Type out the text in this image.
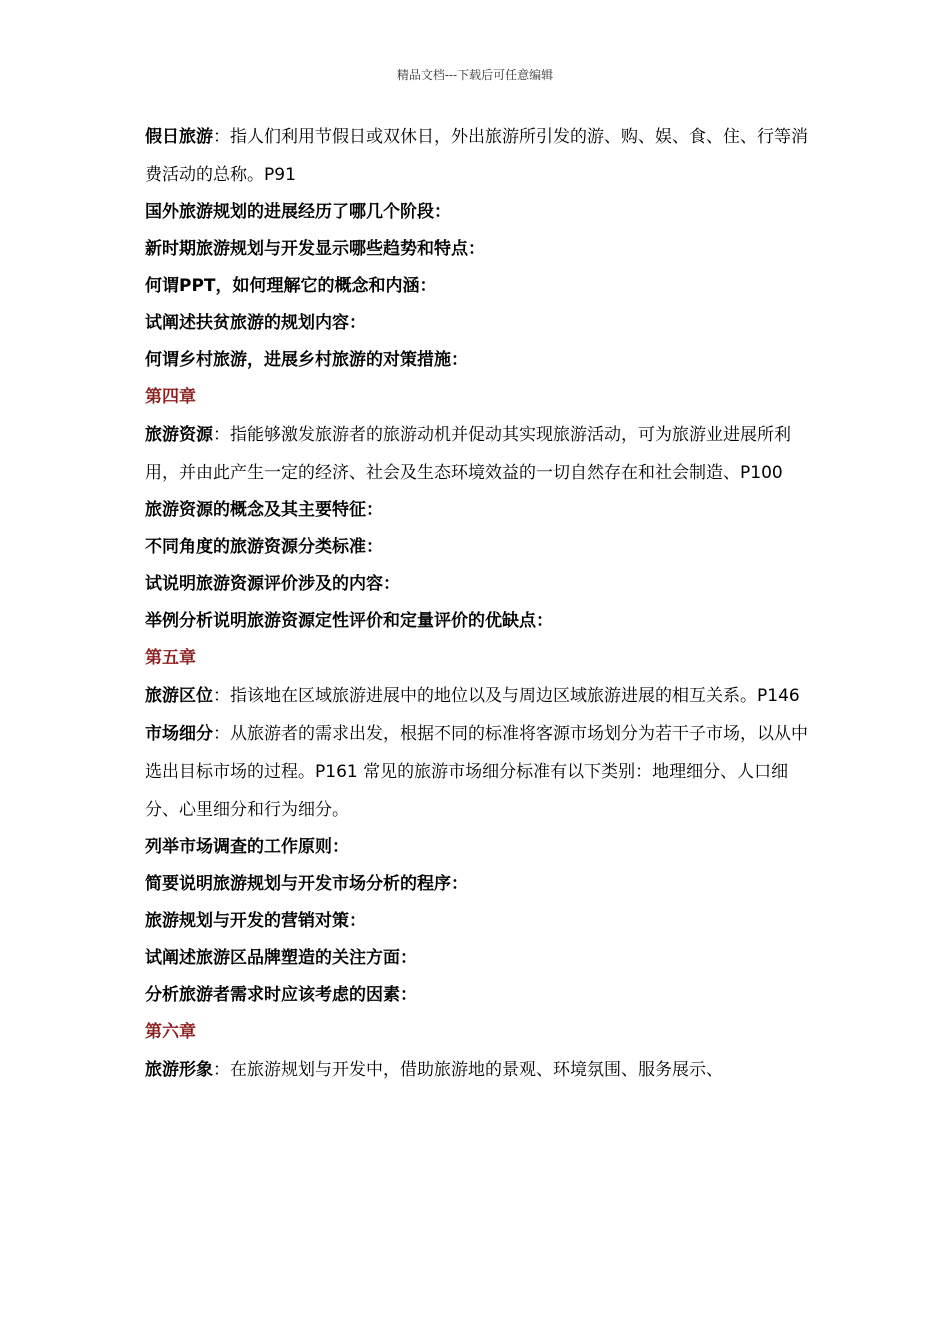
精品文档---下载后可任意编辑

假日旅游：指人们利用节假日或双休日，外出旅游所引发的游、购、娱、食、住、行等消费活动的总称。P91

国外旅游规划的进展经历了哪几个阶段：

新时期旅游规划与开发显示哪些趋势和特点：

何谓PPT，如何理解它的概念和内涵：

试阐述扶贫旅游的规划内容：

何谓乡村旅游，进展乡村旅游的对策措施：

第四章

旅游资源：指能够激发旅游者的旅游动机并促动其实现旅游活动，可为旅游业进展所利用，并由此产生一定的经济、社会及生态环境效益的一切自然存在和社会制造、P100

旅游资源的概念及其主要特征：

不同角度的旅游资源分类标准：

试说明旅游资源评价涉及的内容：

举例分析说明旅游资源定性评价和定量评价的优缺点：

第五章

旅游区位：指该地在区域旅游进展中的地位以及与周边区域旅游进展的相互关系。P146

市场细分：从旅游者的需求出发，根据不同的标准将客源市场划分为若干子市场，以从中选出目标市场的过程。P161 常见的旅游市场细分标准有以下类别：地理细分、人口细分、心里细分和行为细分。

列举市场调查的工作原则：

简要说明旅游规划与开发市场分析的程序：

旅游规划与开发的营销对策：

试阐述旅游区品牌塑造的关注方面：

分析旅游者需求时应该考虑的因素：

第六章

旅游形象：在旅游规划与开发中，借助旅游地的景观、环境氛围、服务展示、
